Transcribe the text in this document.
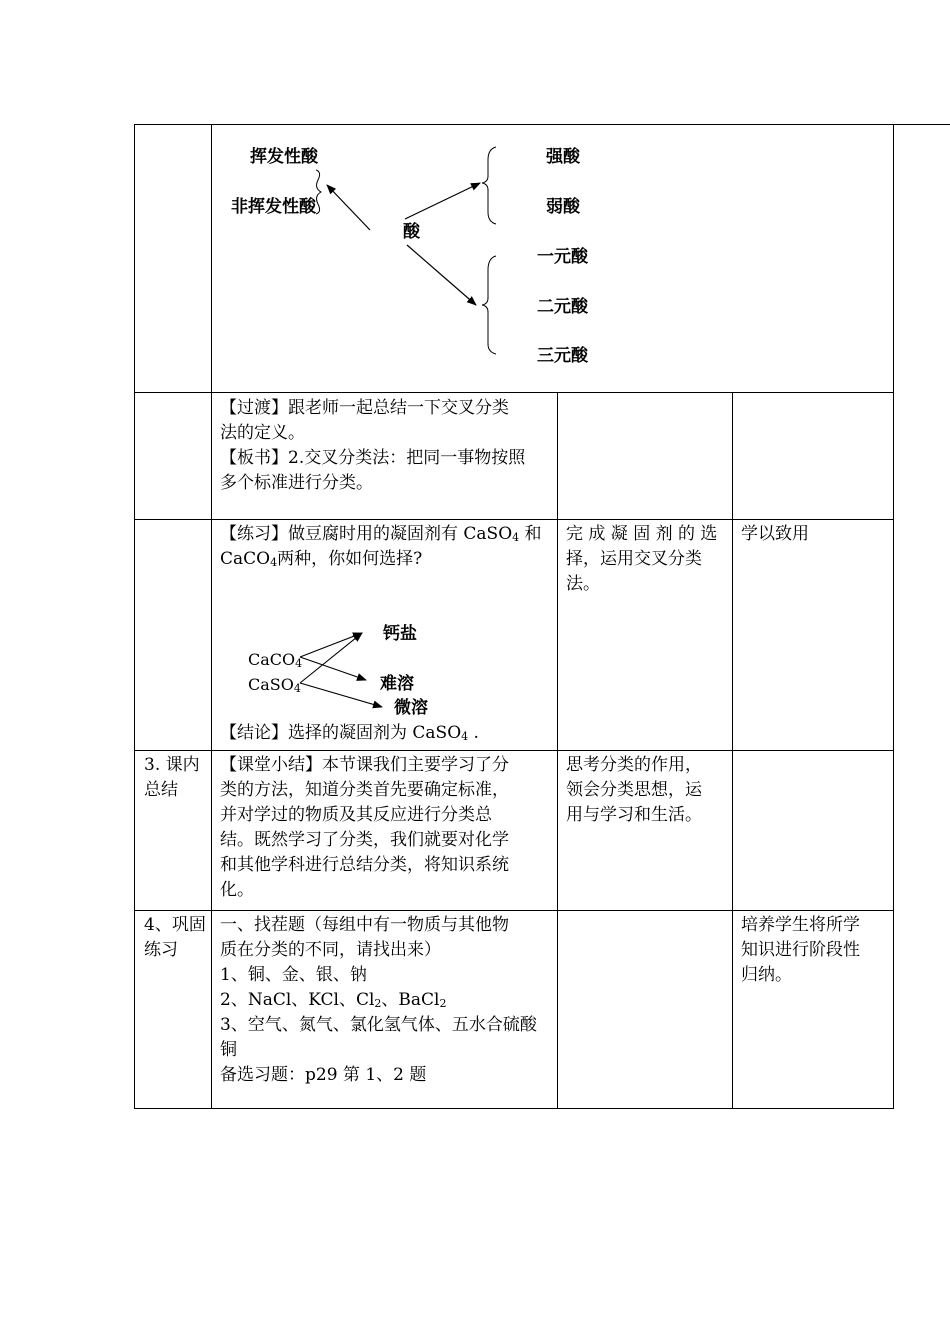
挥发性酸
非挥发性酸
酸
强酸
弱酸
一元酸
二元酸
三元酸
【过渡】跟老师一起总结一下交叉分类
法的定义。
【板书】2.交叉分类法：把同一事物按照
多个标准进行分类。
【练习】做豆腐时用的凝固剂有 CaSO$_4$ 和
CaCO$_4$两种，你如何选择?
CaCO$_4$
CaSO$_4$
钙盐
难溶
微溶
【结论】选择的凝固剂为 CaSO$_4$ .
完 成 凝 固 剂 的 选
择，运用交叉分类
法。
学以致用
3. 课内
总结
【课堂小结】本节课我们主要学习了分
类的方法，知道分类首先要确定标准，
并对学过的物质及其反应进行分类总
结。既然学习了分类，我们就要对化学
和其他学科进行总结分类，将知识系统
化。
思考分类的作用，
领会分类思想，运
用与学习和生活。
4、巩固
练习
一、找茬题（每组中有一物质与其他物
质在分类的不同，请找出来）
1、铜、金、银、钠
2、NaCl、KCl、$Cl_2$、BaCl$_2$
3、空气、氮气、氯化氢气体、五水合硫酸
铜
备选习题：p29 第 1、2 题
培养学生将所学
知识进行阶段性
归纳。
